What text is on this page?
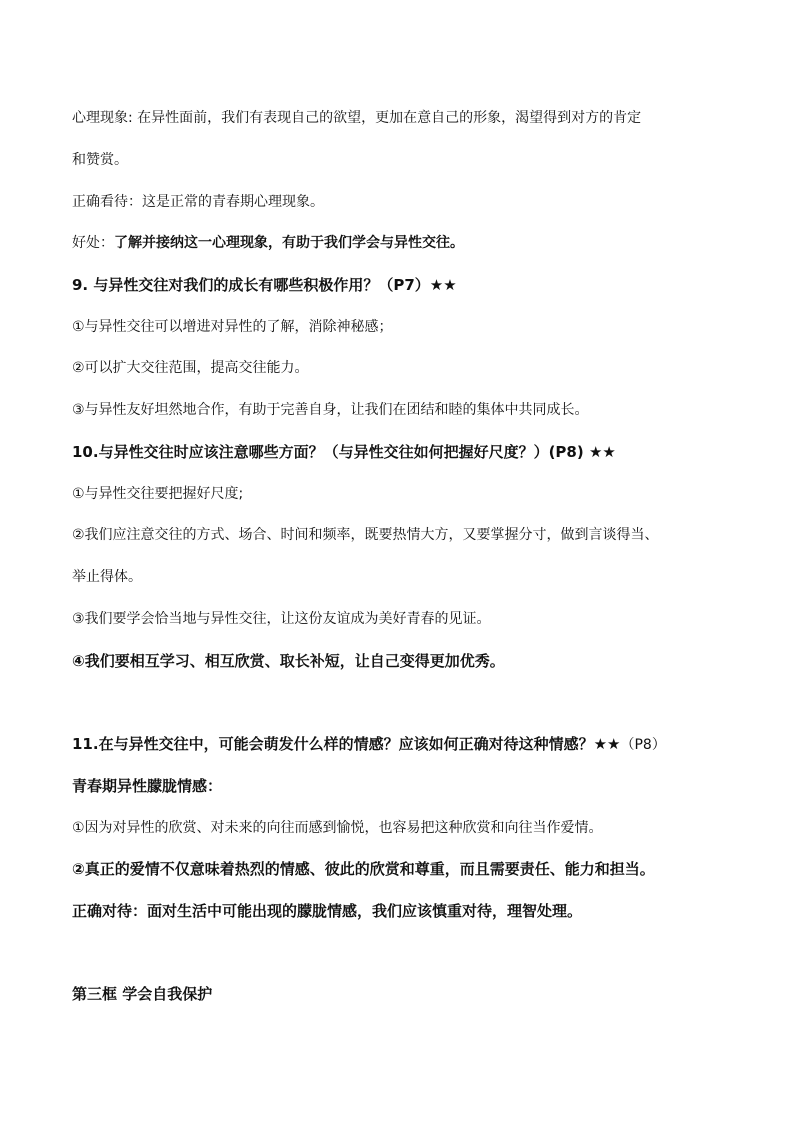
心理现象: 在异性面前，我们有表现自己的欲望，更加在意自己的形象，渴望得到对方的肯定
和赞赏。
正确看待：这是正常的青春期心理现象。
好处：了解并接纳这一心理现象，有助于我们学会与异性交往。
9. 与异性交往对我们的成长有哪些积极作用？（P7）★★
①与异性交往可以增进对异性的了解，消除神秘感；
②可以扩大交往范围，提高交往能力。
③与异性友好坦然地合作，有助于完善自身，让我们在团结和睦的集体中共同成长。
10.与异性交往时应该注意哪些方面？（与异性交往如何把握好尺度？）(P8) ★★
①与异性交往要把握好尺度;
②我们应注意交往的方式、场合、时间和频率，既要热情大方，又要掌握分寸，做到言谈得当、
举止得体。
③我们要学会恰当地与异性交往，让这份友谊成为美好青春的见证。
④我们要相互学习、相互欣赏、取长补短，让自己变得更加优秀。
11.在与异性交往中，可能会萌发什么样的情感？应该如何正确对待这种情感？★★（P8）
青春期异性朦胧情感：
①因为对异性的欣赏、对未来的向往而感到愉悦，也容易把这种欣赏和向往当作爱情。
②真正的爱情不仅意味着热烈的情感、彼此的欣赏和尊重，而且需要责任、能力和担当。
正确对待：面对生活中可能出现的朦胧情感，我们应该慎重对待，理智处理。
第三框 学会自我保护
